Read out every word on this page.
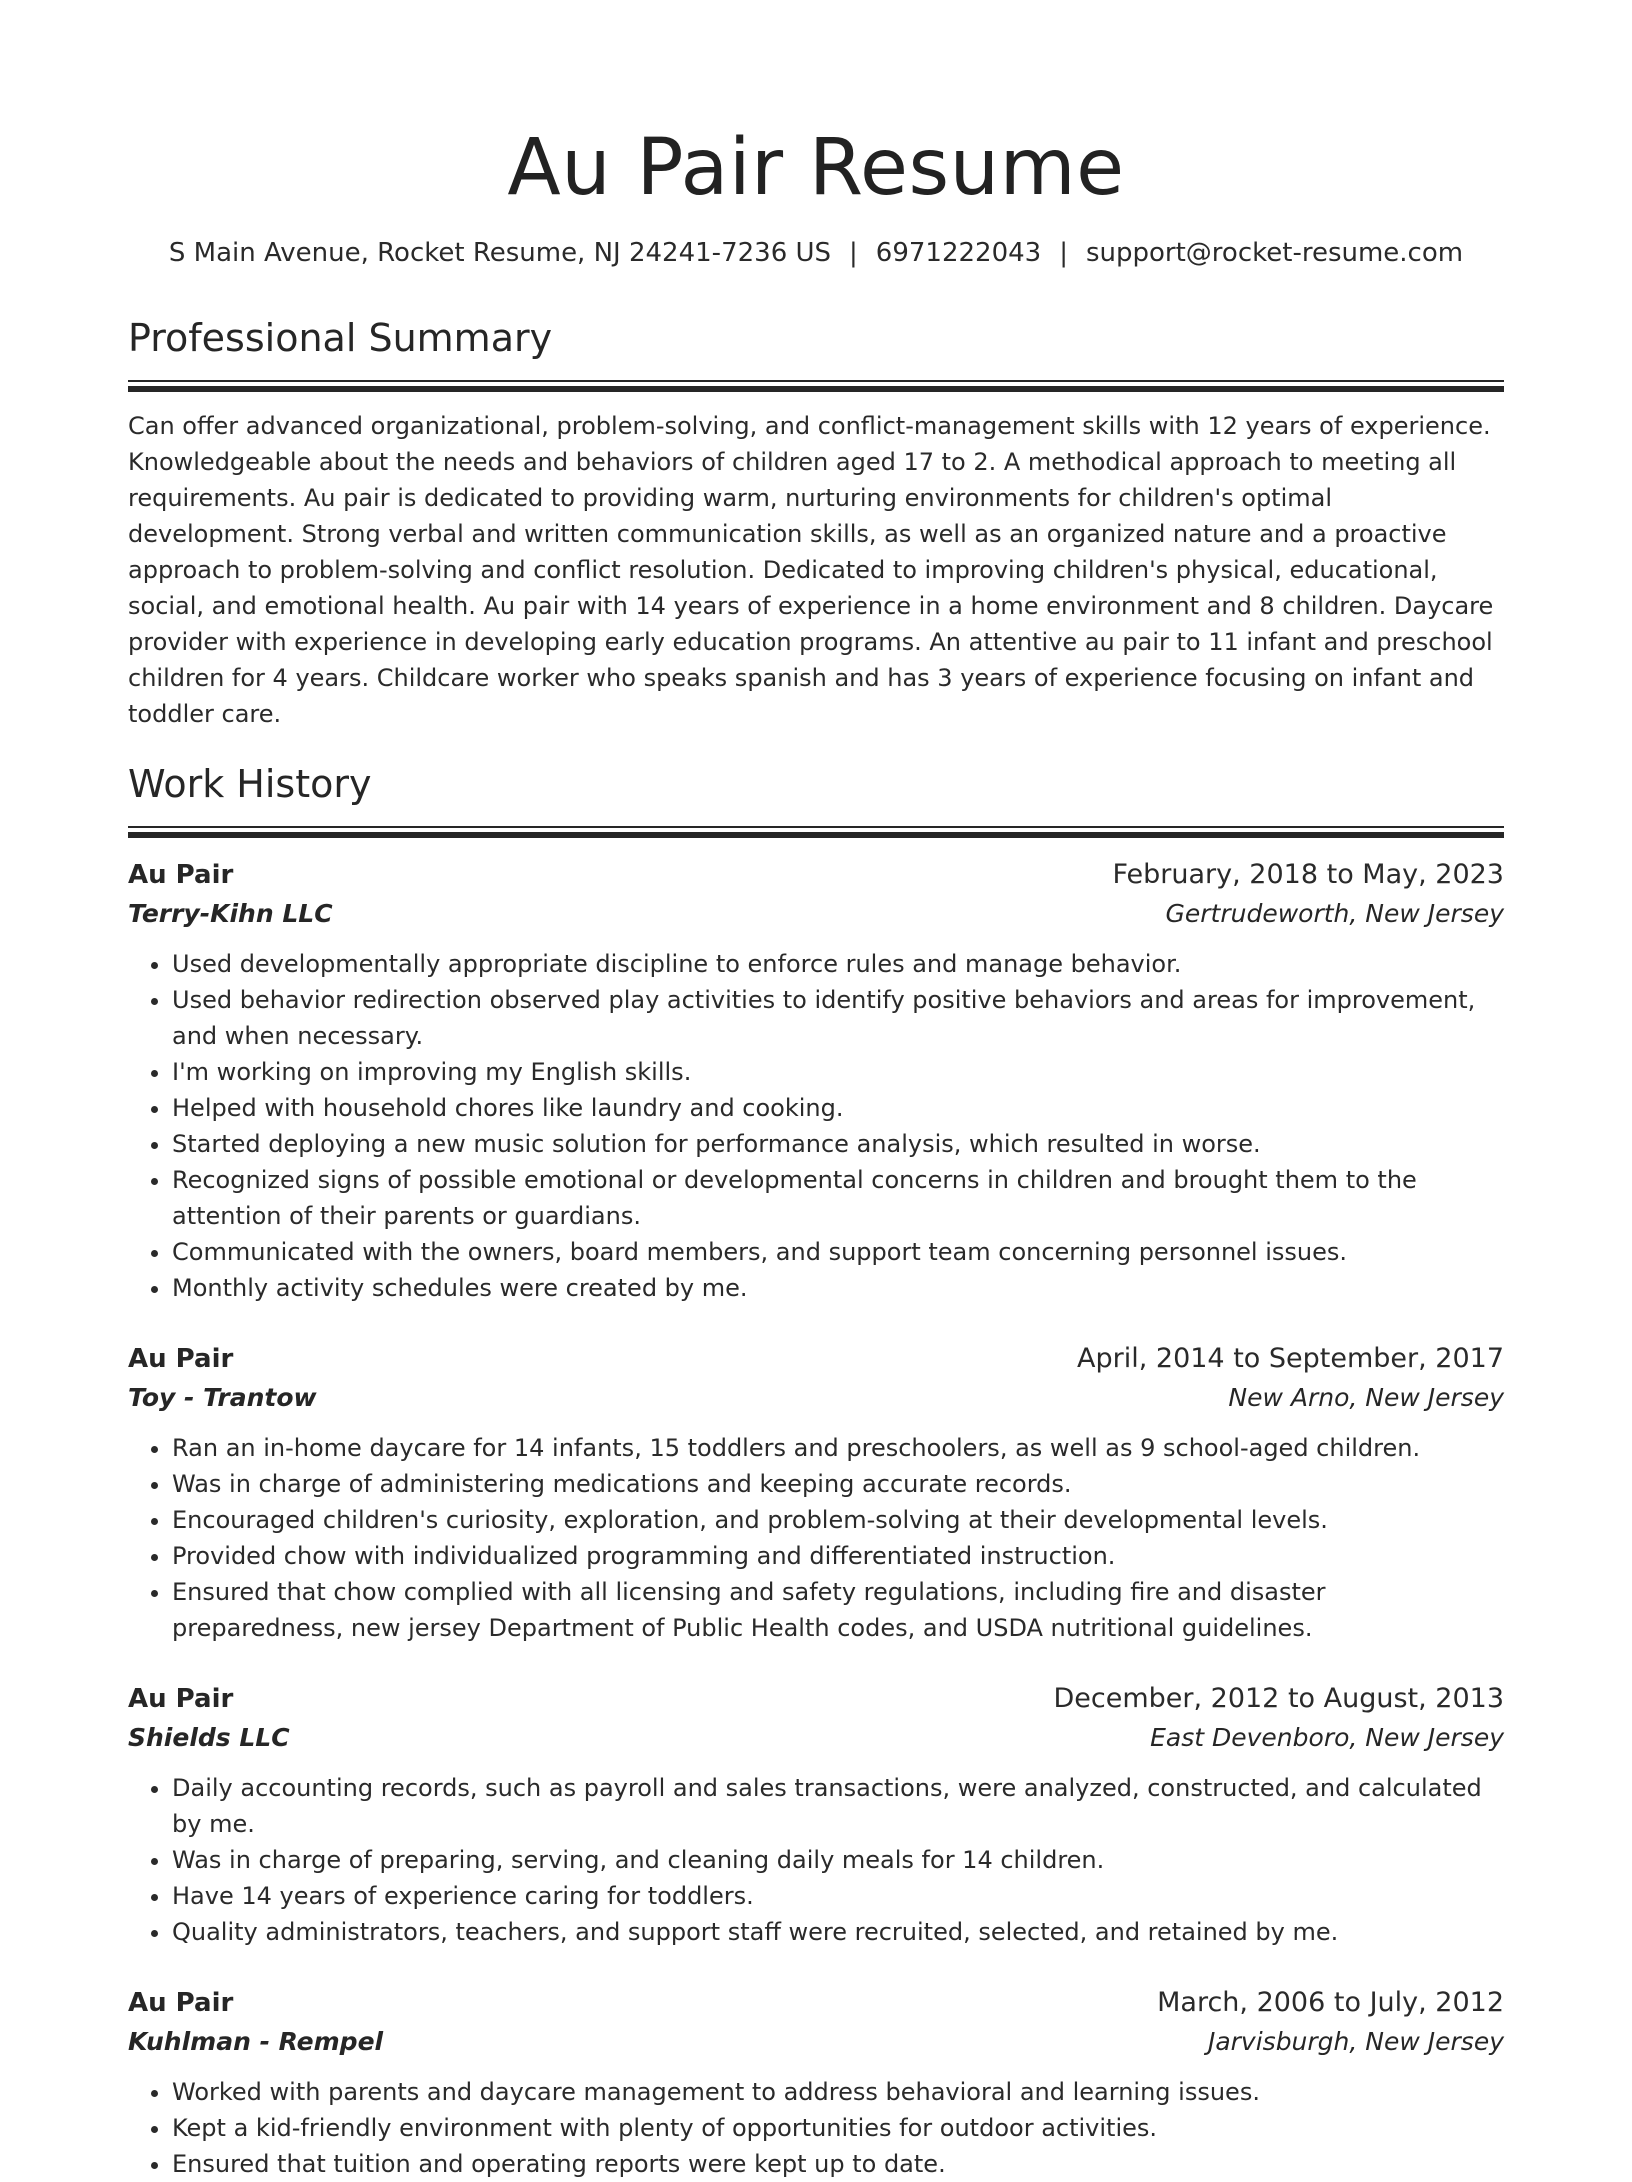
Au Pair Resume
S Main Avenue, Rocket Resume, NJ 24241-7236 US | 6971222043 | support@rocket-resume.com
Professional Summary
Can offer advanced organizational, problem-solving, and conflict-management skills with 12 years of experience. Knowledgeable about the needs and behaviors of children aged 17 to 2. A methodical approach to meeting all requirements. Au pair is dedicated to providing warm, nurturing environments for children's optimal development. Strong verbal and written communication skills, as well as an organized nature and a proactive approach to problem-solving and conflict resolution. Dedicated to improving children's physical, educational, social, and emotional health. Au pair with 14 years of experience in a home environment and 8 children. Daycare provider with experience in developing early education programs. An attentive au pair to 11 infant and preschool children for 4 years. Childcare worker who speaks spanish and has 3 years of experience focusing on infant and toddler care.
Work History
Au Pair	February, 2018 to May, 2023
Terry-Kihn LLC	Gertrudeworth, New Jersey
• Used developmentally appropriate discipline to enforce rules and manage behavior.
• Used behavior redirection observed play activities to identify positive behaviors and areas for improvement, and when necessary.
• I'm working on improving my English skills.
• Helped with household chores like laundry and cooking.
• Started deploying a new music solution for performance analysis, which resulted in worse.
• Recognized signs of possible emotional or developmental concerns in children and brought them to the attention of their parents or guardians.
• Communicated with the owners, board members, and support team concerning personnel issues.
• Monthly activity schedules were created by me.
Au Pair	April, 2014 to September, 2017
Toy - Trantow	New Arno, New Jersey
• Ran an in-home daycare for 14 infants, 15 toddlers and preschoolers, as well as 9 school-aged children.
• Was in charge of administering medications and keeping accurate records.
• Encouraged children's curiosity, exploration, and problem-solving at their developmental levels.
• Provided chow with individualized programming and differentiated instruction.
• Ensured that chow complied with all licensing and safety regulations, including fire and disaster preparedness, new jersey Department of Public Health codes, and USDA nutritional guidelines.
Au Pair	December, 2012 to August, 2013
Shields LLC	East Devenboro, New Jersey
• Daily accounting records, such as payroll and sales transactions, were analyzed, constructed, and calculated by me.
• Was in charge of preparing, serving, and cleaning daily meals for 14 children.
• Have 14 years of experience caring for toddlers.
• Quality administrators, teachers, and support staff were recruited, selected, and retained by me.
Au Pair	March, 2006 to July, 2012
Kuhlman - Rempel	Jarvisburgh, New Jersey
• Worked with parents and daycare management to address behavioral and learning issues.
• Kept a kid-friendly environment with plenty of opportunities for outdoor activities.
• Ensured that tuition and operating reports were kept up to date.
